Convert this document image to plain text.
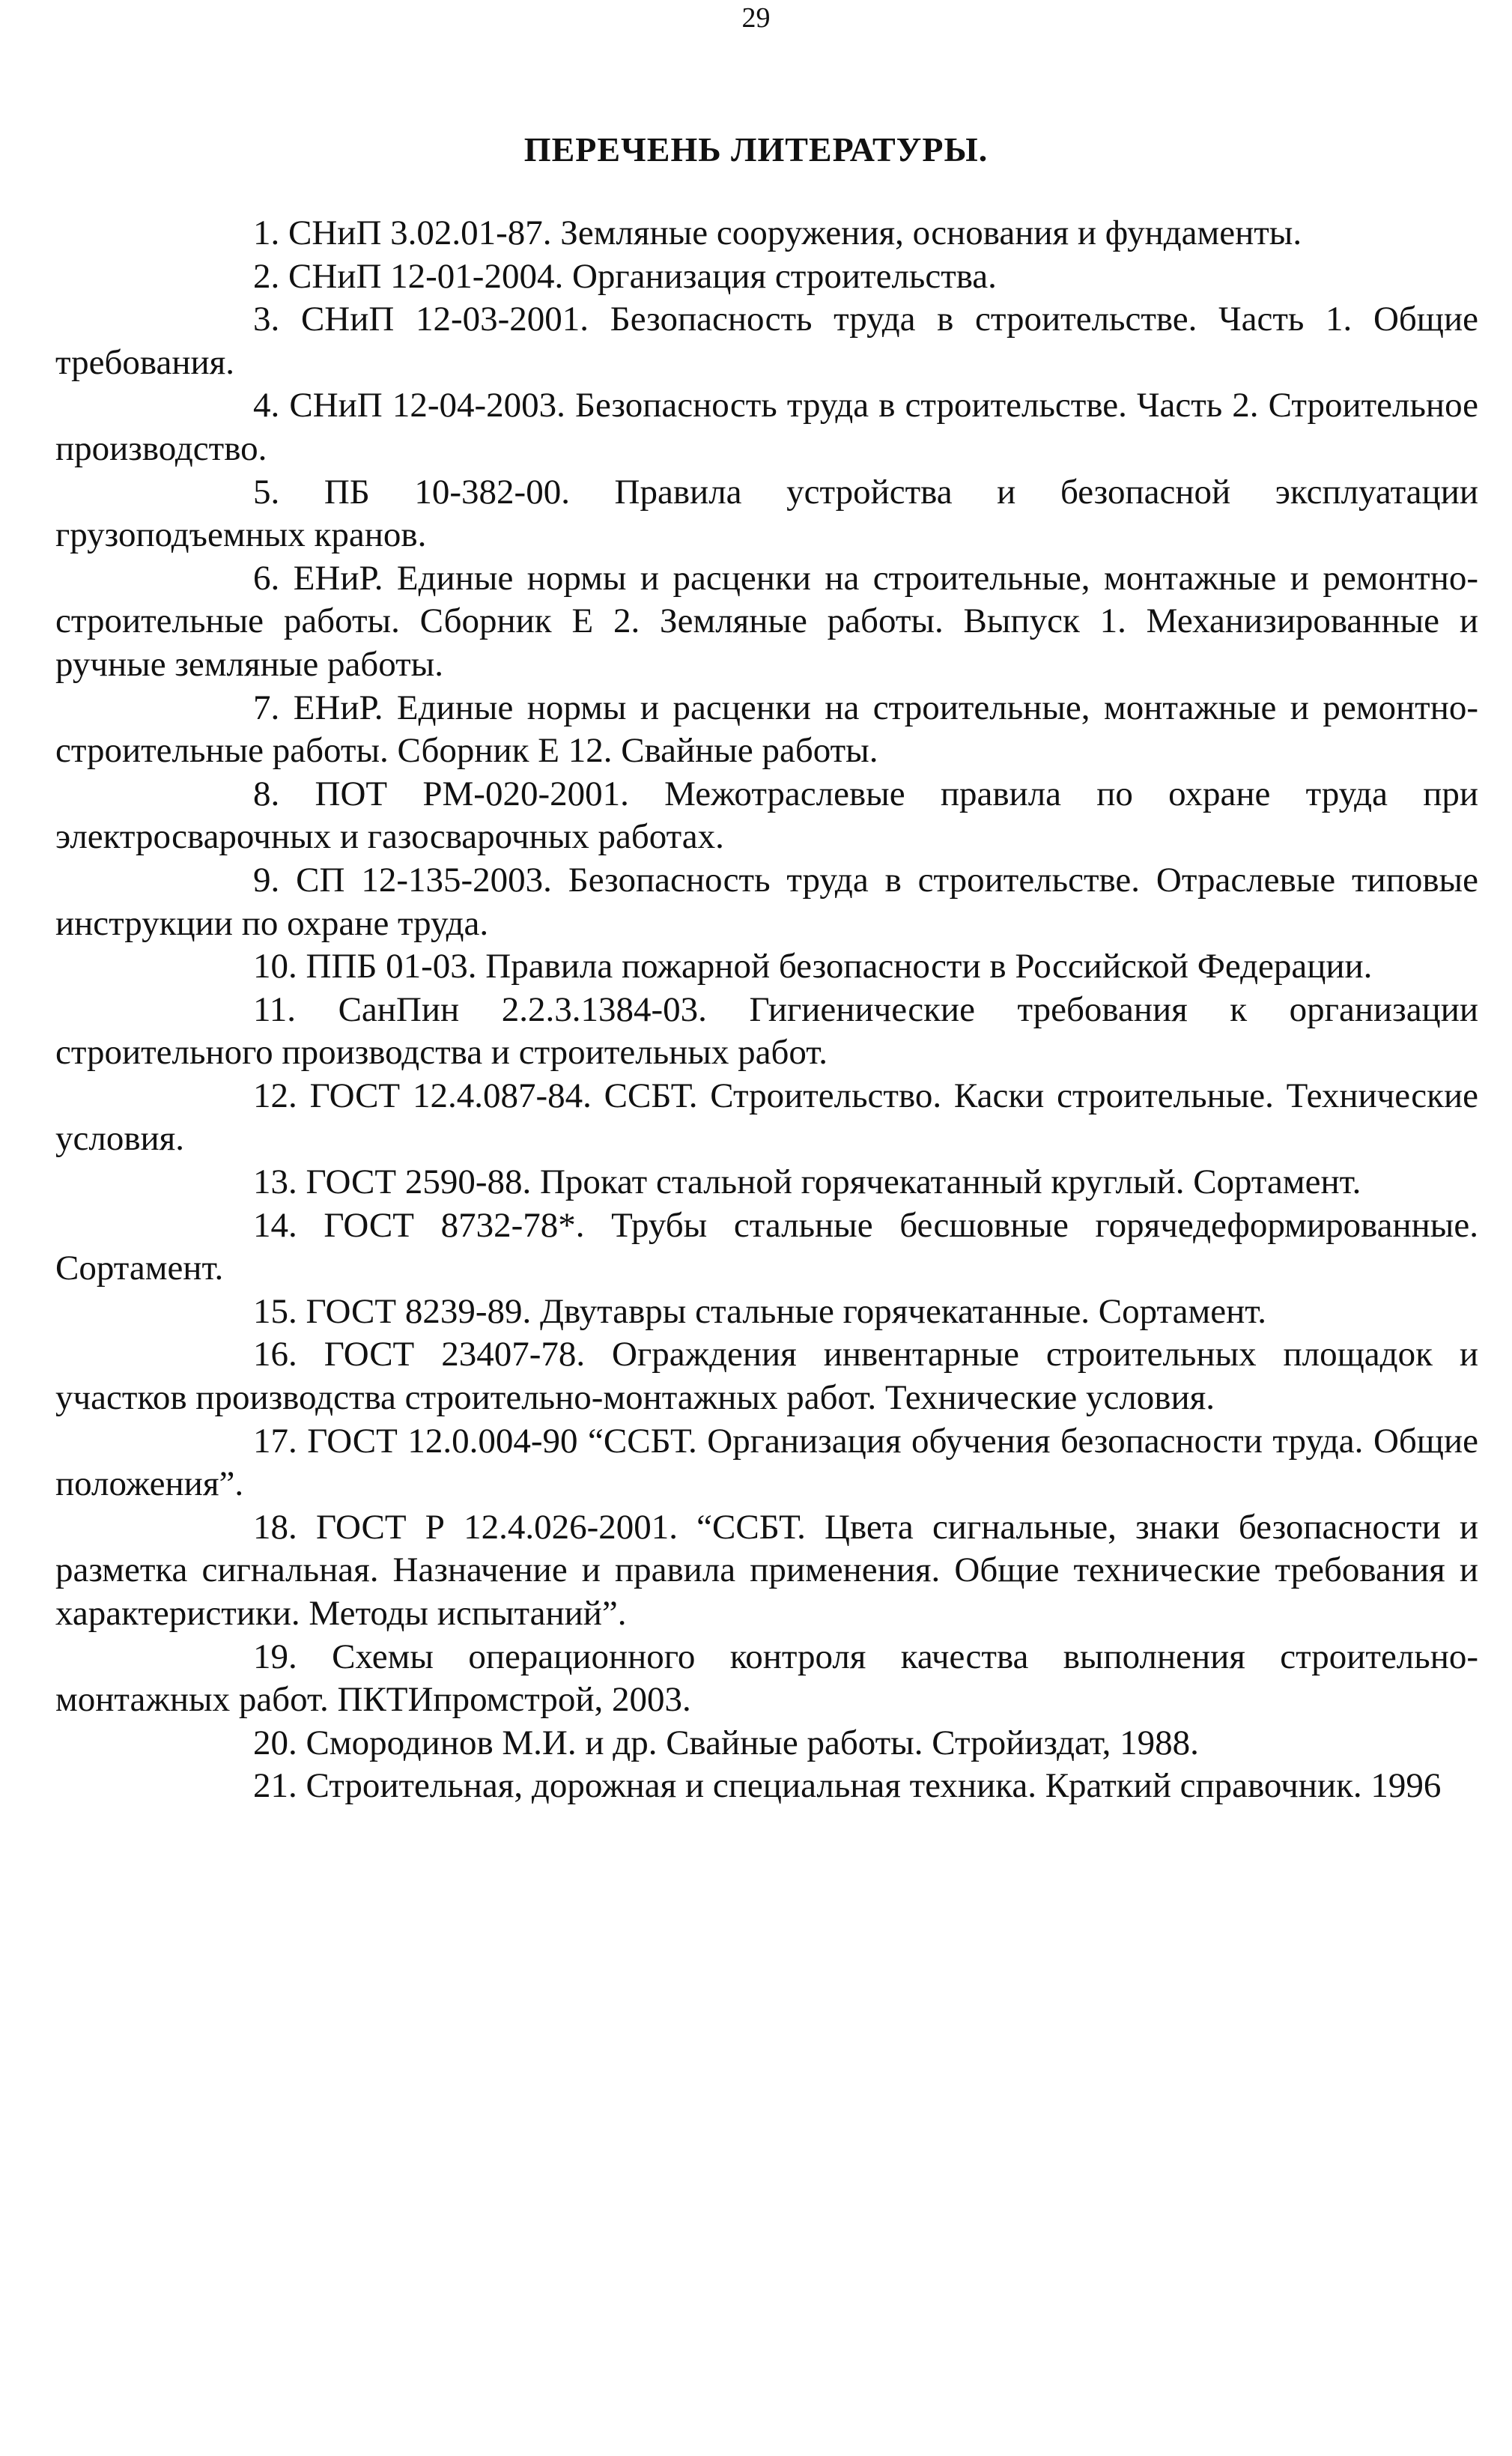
29
ПЕРЕЧЕНЬ ЛИТЕРАТУРЫ.
1. СНиП 3.02.01-87. Земляные сооружения, основания и фундаменты.
2. СНиП 12-01-2004. Организация строительства.
3. СНиП 12-03-2001. Безопасность труда в строительстве. Часть 1. Общие требования.
4. СНиП 12-04-2003. Безопасность труда в строительстве. Часть 2. Строительное производство.
5. ПБ 10-382-00. Правила устройства и безопасной эксплуатации грузоподъемных кранов.
6. ЕНиР. Единые нормы и расценки на строительные, монтажные и ремонтно-строительные работы. Сборник Е 2. Земляные работы. Выпуск 1. Механизированные и ручные земляные работы.
7. ЕНиР. Единые нормы и расценки на строительные, монтажные и ремонтно-строительные работы. Сборник Е 12. Свайные работы.
8. ПОТ РМ-020-2001. Межотраслевые правила по охране труда при электросварочных и газосварочных работах.
9. СП 12-135-2003. Безопасность труда в строительстве. Отраслевые типовые инструкции по охране труда.
10. ППБ 01-03. Правила пожарной безопасности в Российской Федерации.
11. СанПин 2.2.3.1384-03. Гигиенические требования к организации строительного производства и строительных работ.
12. ГОСТ 12.4.087-84. ССБТ. Строительство. Каски строительные. Технические условия.
13. ГОСТ 2590-88. Прокат стальной горячекатанный круглый. Сортамент.
14. ГОСТ 8732-78*. Трубы стальные бесшовные горячедеформированные. Сортамент.
15. ГОСТ 8239-89. Двутавры стальные горячекатанные. Сортамент.
16. ГОСТ 23407-78. Ограждения инвентарные строительных площадок и участков производства строительно-монтажных работ. Технические условия.
17. ГОСТ 12.0.004-90 “ССБТ. Организация обучения безопасности труда. Общие положения”.
18. ГОСТ Р 12.4.026-2001. “ССБТ. Цвета сигнальные, знаки безопасности и разметка сигнальная. Назначение и правила применения. Общие технические требования и характеристики. Методы испытаний”.
19. Схемы операционного контроля качества выполнения строительно-монтажных работ. ПКТИпромстрой, 2003.
20. Смородинов М.И. и др. Свайные работы. Стройиздат, 1988.
21. Строительная, дорожная и специальная техника. Краткий справочник. 1996
